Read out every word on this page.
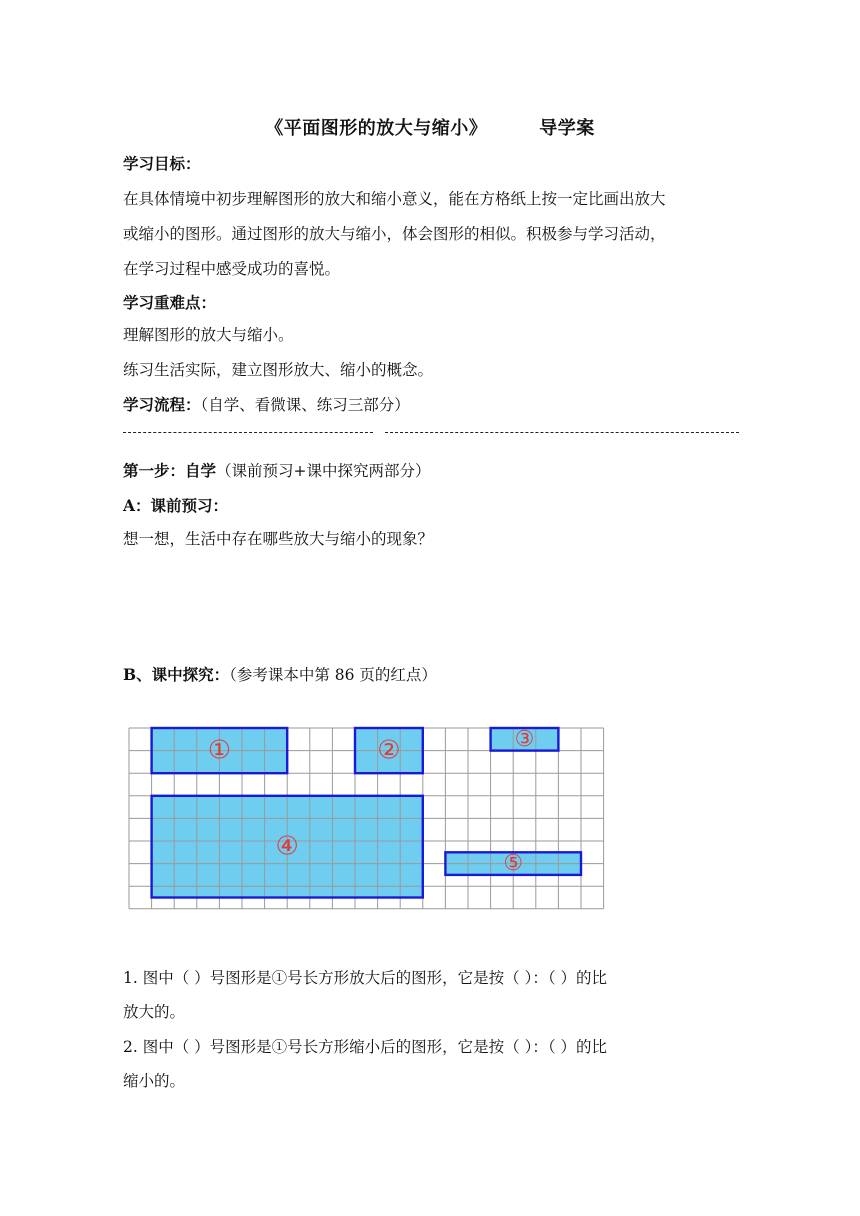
《平面图形的放大与缩小》	导学案
学习目标：
在具体情境中初步理解图形的放大和缩小意义，能在方格纸上按一定比画出放大
或缩小的图形。通过图形的放大与缩小，体会图形的相似。积极参与学习活动，
在学习过程中感受成功的喜悦。
学习重难点：
理解图形的放大与缩小。
练习生活实际，建立图形放大、缩小的概念。
学习流程：（自学、看微课、练习三部分）
第一步：自学（课前预习+课中探究两部分）
A：课前预习：
想一想，生活中存在哪些放大与缩小的现象？
B、课中探究：（参考课本中第 86 页的红点）
①	②	③
④
⑤
1. 图中（ ）号图形是①号长方形放大后的图形，它是按（ ）：（ ）的比
放大的。
2. 图中（ ）号图形是①号长方形缩小后的图形，它是按（ ）：（ ）的比
缩小的。
